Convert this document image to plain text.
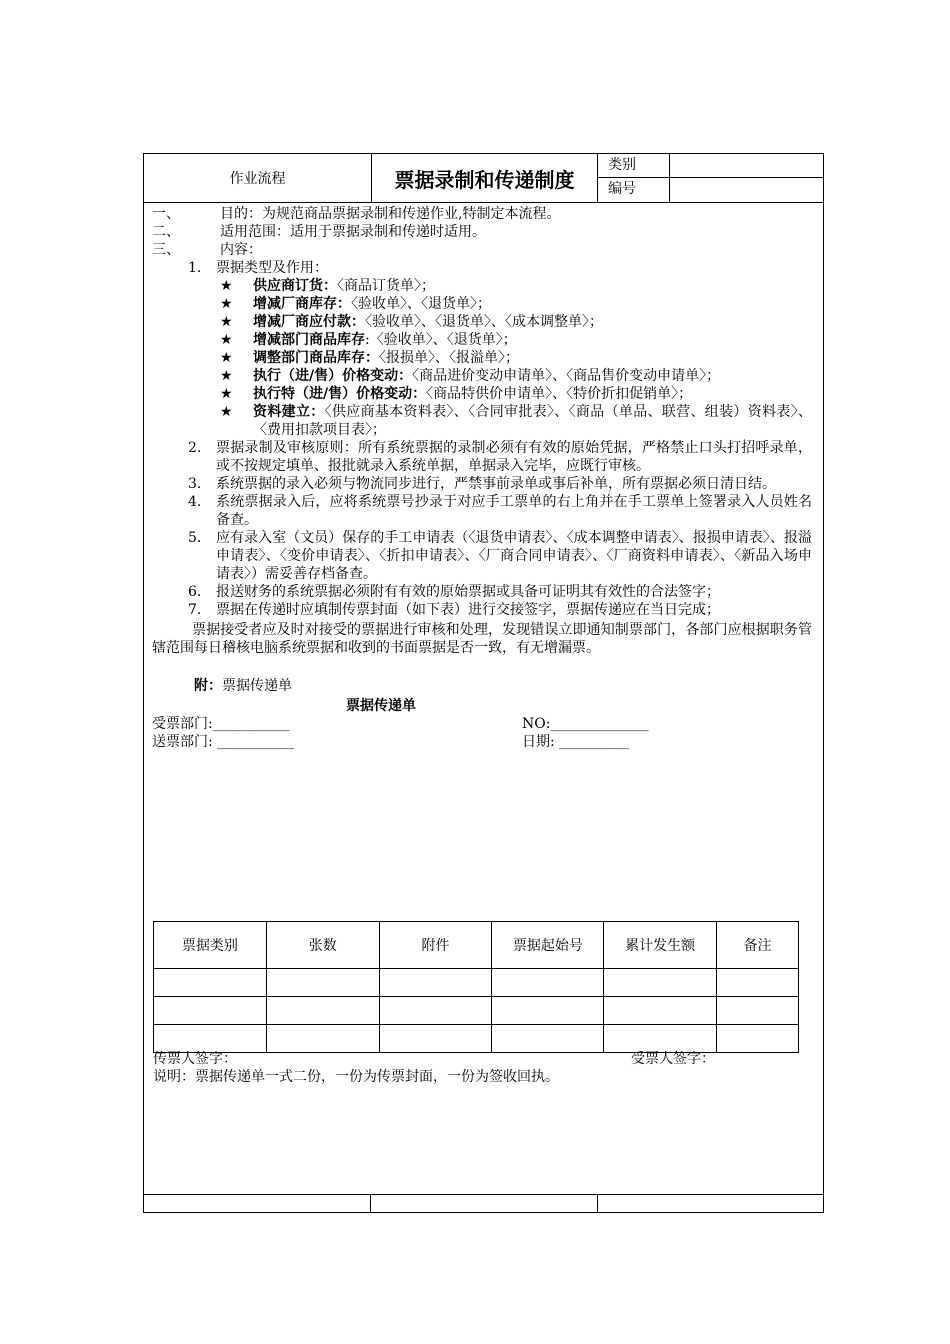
作业流程	票据录制和传递制度
类别
编号
一、	目的：为规范商品票据录制和传递作业,特制定本流程。
二、	适用范围：适用于票据录制和传递时适用。
三、	内容：
1. 票据类型及作用：
★ 供应商订货：〈商品订货单〉；
★ 增减厂商库存：〈验收单〉、〈退货单〉；
★ 增减厂商应付款：〈验收单〉、〈退货单〉、〈成本调整单〉；
★ 增减部门商品库存:〈验收单〉、〈退货单〉；
★ 调整部门商品库存：〈报损单〉、〈报溢单〉；
★ 执行（进/售）价格变动：〈商品进价变动申请单〉、〈商品售价变动申请单〉；
★ 执行特（进/售）价格变动：〈商品特供价申请单〉、〈特价折扣促销单〉；
★ 资料建立：〈供应商基本资料表〉、〈合同审批表〉、〈商品（单品、联营、组装）资料表〉、〈费用扣款项目表〉；
2. 票据录制及审核原则：所有系统票据的录制必须有有效的原始凭据，严格禁止口头打招呼录单，或不按规定填单、报批就录入系统单据，单据录入完毕，应既行审核。
3. 系统票据的录入必须与物流同步进行，严禁事前录单或事后补单，所有票据必须日清日结。
4. 系统票据录入后，应将系统票号抄录于对应手工票单的右上角并在手工票单上签署录入人员姓名备查。
5. 应有录入室（文员）保存的手工申请表（〈退货申请表〉、〈成本调整申请表〉、报损申请表〉、报溢申请表〉、〈变价申请表〉、〈折扣申请表〉、〈厂商合同申请表〉、〈厂商资料申请表〉、〈新品入场申请表〉）需妥善存档备查。
6. 报送财务的系统票据必须附有有效的原始票据或具备可证明其有效性的合法签字；
7. 票据在传递时应填制传票封面（如下表）进行交接签字，票据传递应在当日完成；
票据接受者应及时对接受的票据进行审核和处理，发现错误立即通知制票部门，各部门应根据职务管辖范围每日稽核电脑系统票据和收到的书面票据是否一致，有无增漏票。
附：票据传递单
票据传递单
受票部门:___________	NO:______________
送票部门: ___________	日期: __________
票据类别	张数	附件	票据起始号	累计发生额	备注

传票人签字：	受票人签字：
说明：票据传递单一式二份，一份为传票封面，一份为签收回执。
